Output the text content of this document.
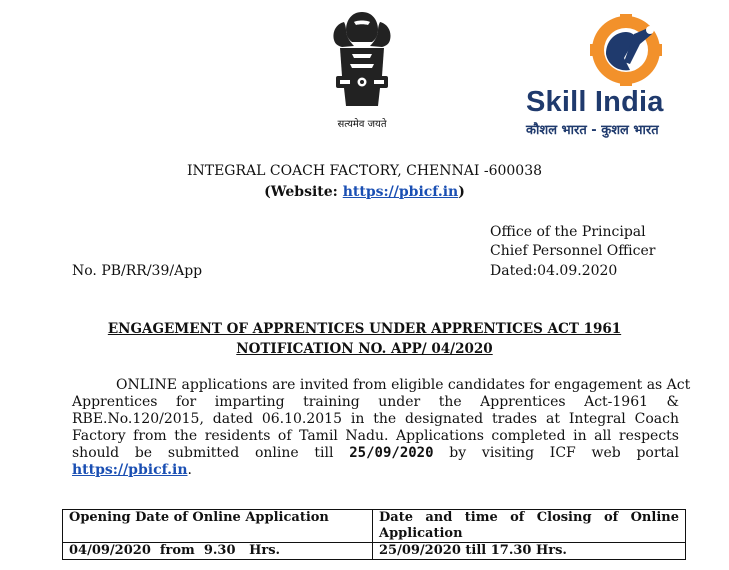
सत्यमेव जयते
Skill India
कौशल भारत - कुशल भारत
INTEGRAL COACH FACTORY, CHENNAI -600038
(Website: https://pbicf.in)
Office of the Principal
Chief Personnel Officer
Dated:04.09.2020
No. PB/RR/39/App
ENGAGEMENT OF APPRENTICES UNDER APPRENTICES ACT 1961
NOTIFICATION NO. APP/ 04/2020
ONLINE applications are invited from eligible candidates for engagement as Act
Apprentices for imparting training under the Apprentices Act-1961 &
RBE.No.120/2015, dated 06.10.2015 in the designated trades at Integral Coach
Factory from the residents of Tamil Nadu. Applications completed in all respects
should be submitted online till 25/09/2020 by visiting ICF web portal
https://pbicf.in.
Opening Date of Online Application	Date and time of Closing of Online Application
04/09/2020  from  9.30   Hrs.	25/09/2020 till 17.30 Hrs.
